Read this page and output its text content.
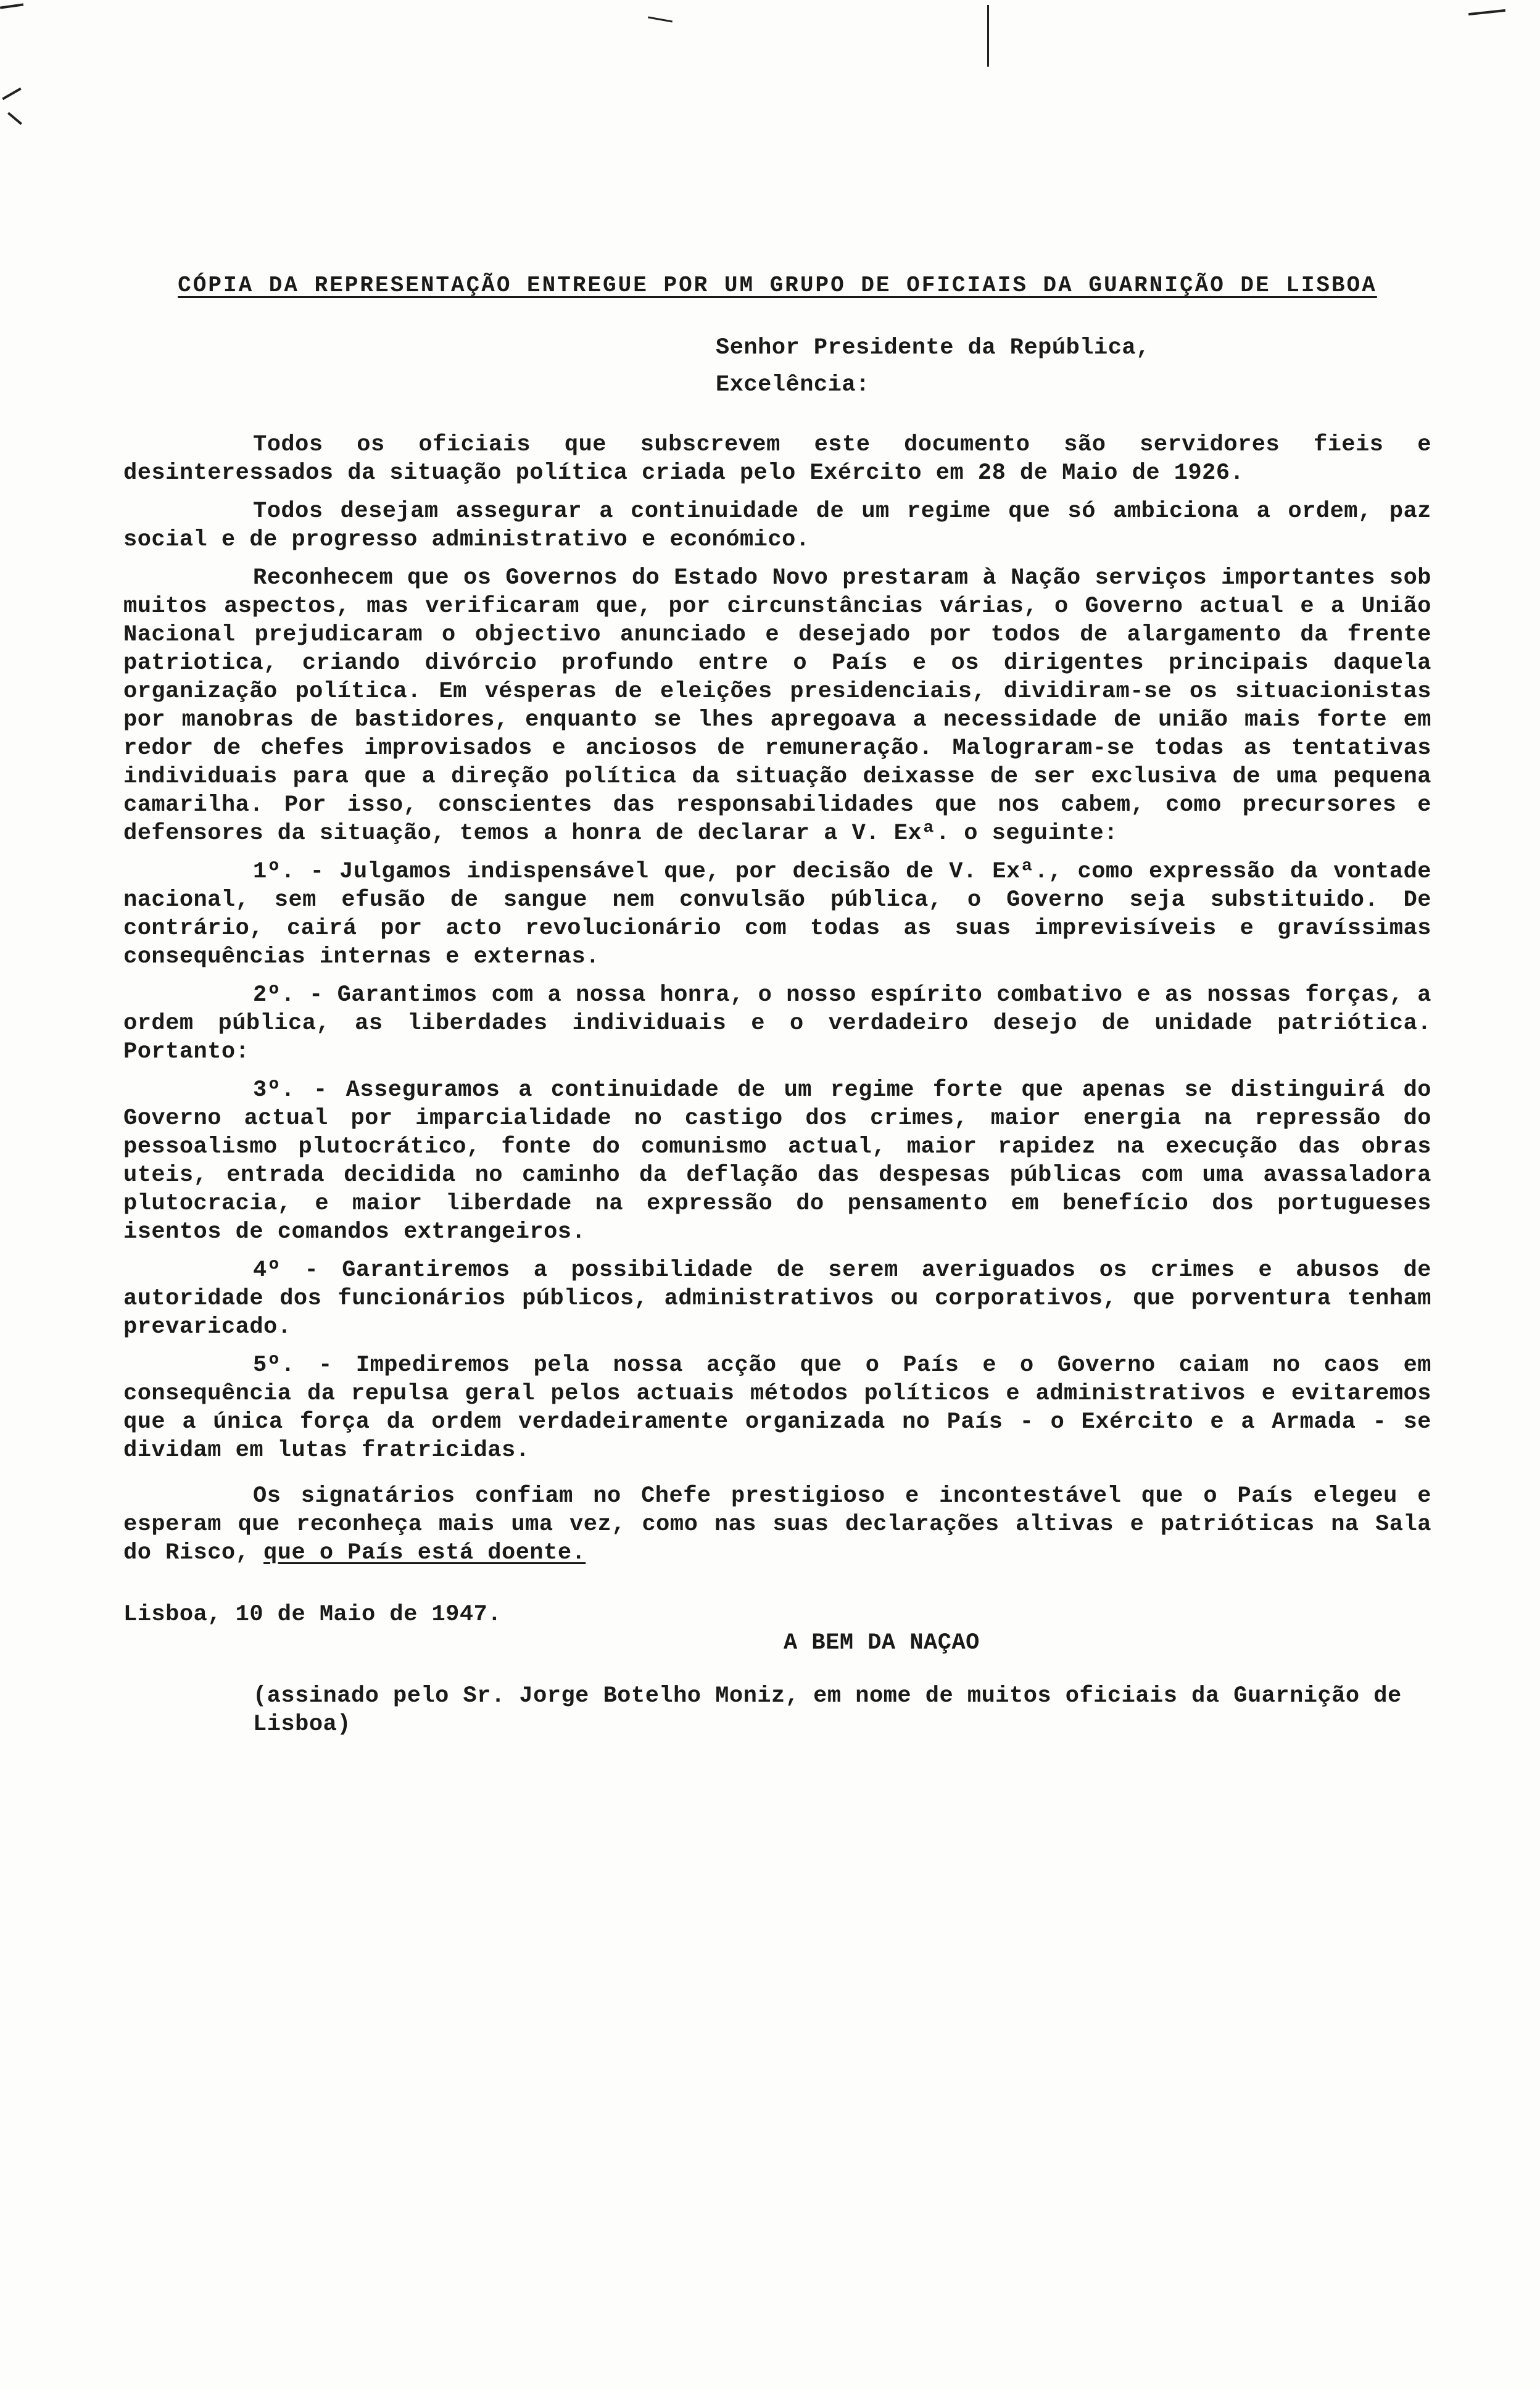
CÓPIA DA REPRESENTAÇÃO ENTREGUE POR UM GRUPO DE OFICIAIS DA GUARNIÇÃO DE LISBOA
Senhor Presidente da República,
Excelência:

Todos os oficiais que subscrevem este documento são servidores fieis e desinteressados da situação política criada pelo Exército em 28 de Maio de 1926.

Todos desejam assegurar a continuidade de um regime que só ambiciona a ordem, paz social e de progresso administrativo e económico.

Reconhecem que os Governos do Estado Novo prestaram à Nação serviços importantes sob muitos aspectos, mas verificaram que, por circunstâncias várias, o Governo actual e a União Nacional prejudicaram o objectivo anunciado e desejado por todos de alargamento da frente patriotica, criando divórcio profundo entre o País e os dirigentes principais daquela organização política. Em vésperas de eleições presidenciais, dividiram-se os situacionistas por manobras de bastidores, enquanto se lhes apregoava a necessidade de união mais forte em redor de chefes improvisados e anciosos de remuneração. Malograram-se todas as tentativas individuais para que a direção política da situação deixasse de ser exclusiva de uma pequena camarilha. Por isso, conscientes das responsabilidades que nos cabem, como precursores e defensores da situação, temos a honra de declarar a V. Exª. o seguinte:

1º. - Julgamos indispensável que, por decisão de V. Exª., como expressão da vontade nacional, sem efusão de sangue nem convulsão pública, o Governo seja substituido. De contrário, cairá por acto revolucionário com todas as suas imprevisíveis e gravíssimas consequências internas e externas.

2º. - Garantimos com a nossa honra, o nosso espírito combativo e as nossas forças, a ordem pública, as liberdades individuais e o verdadeiro desejo de unidade patriótica. Portanto:

3º. - Asseguramos a continuidade de um regime forte que apenas se distinguirá do Governo actual por imparcialidade no castigo dos crimes, maior energia na repressão do pessoalismo plutocrático, fonte do comunismo actual, maior rapidez na execução das obras uteis, entrada decidida no caminho da deflação das despesas públicas com uma avassaladora plutocracia, e maior liberdade na expressão do pensamento em benefício dos portugueses isentos de comandos extrangeiros.

4º - Garantiremos a possibilidade de serem averiguados os crimes e abusos de autoridade dos funcionários públicos, administrativos ou corporativos, que porventura tenham prevaricado.

5º. - Impediremos pela nossa acção que o País e o Governo caiam no caos em consequência da repulsa geral pelos actuais métodos políticos e administrativos e evitaremos que a única força da ordem verdadeiramente organizada no País - o Exército e a Armada - se dividam em lutas fratricidas.

Os signatários confiam no Chefe prestigioso e incontestável que o País elegeu e esperam que reconheça mais uma vez, como nas suas declarações altivas e patrióticas na Sala do Risco, que o País está doente.

Lisboa, 10 de Maio de 1947.
A BEM DA NAÇAO
(assinado pelo Sr. Jorge Botelho Moniz, em nome de muitos oficiais da Guarnição de Lisboa)
